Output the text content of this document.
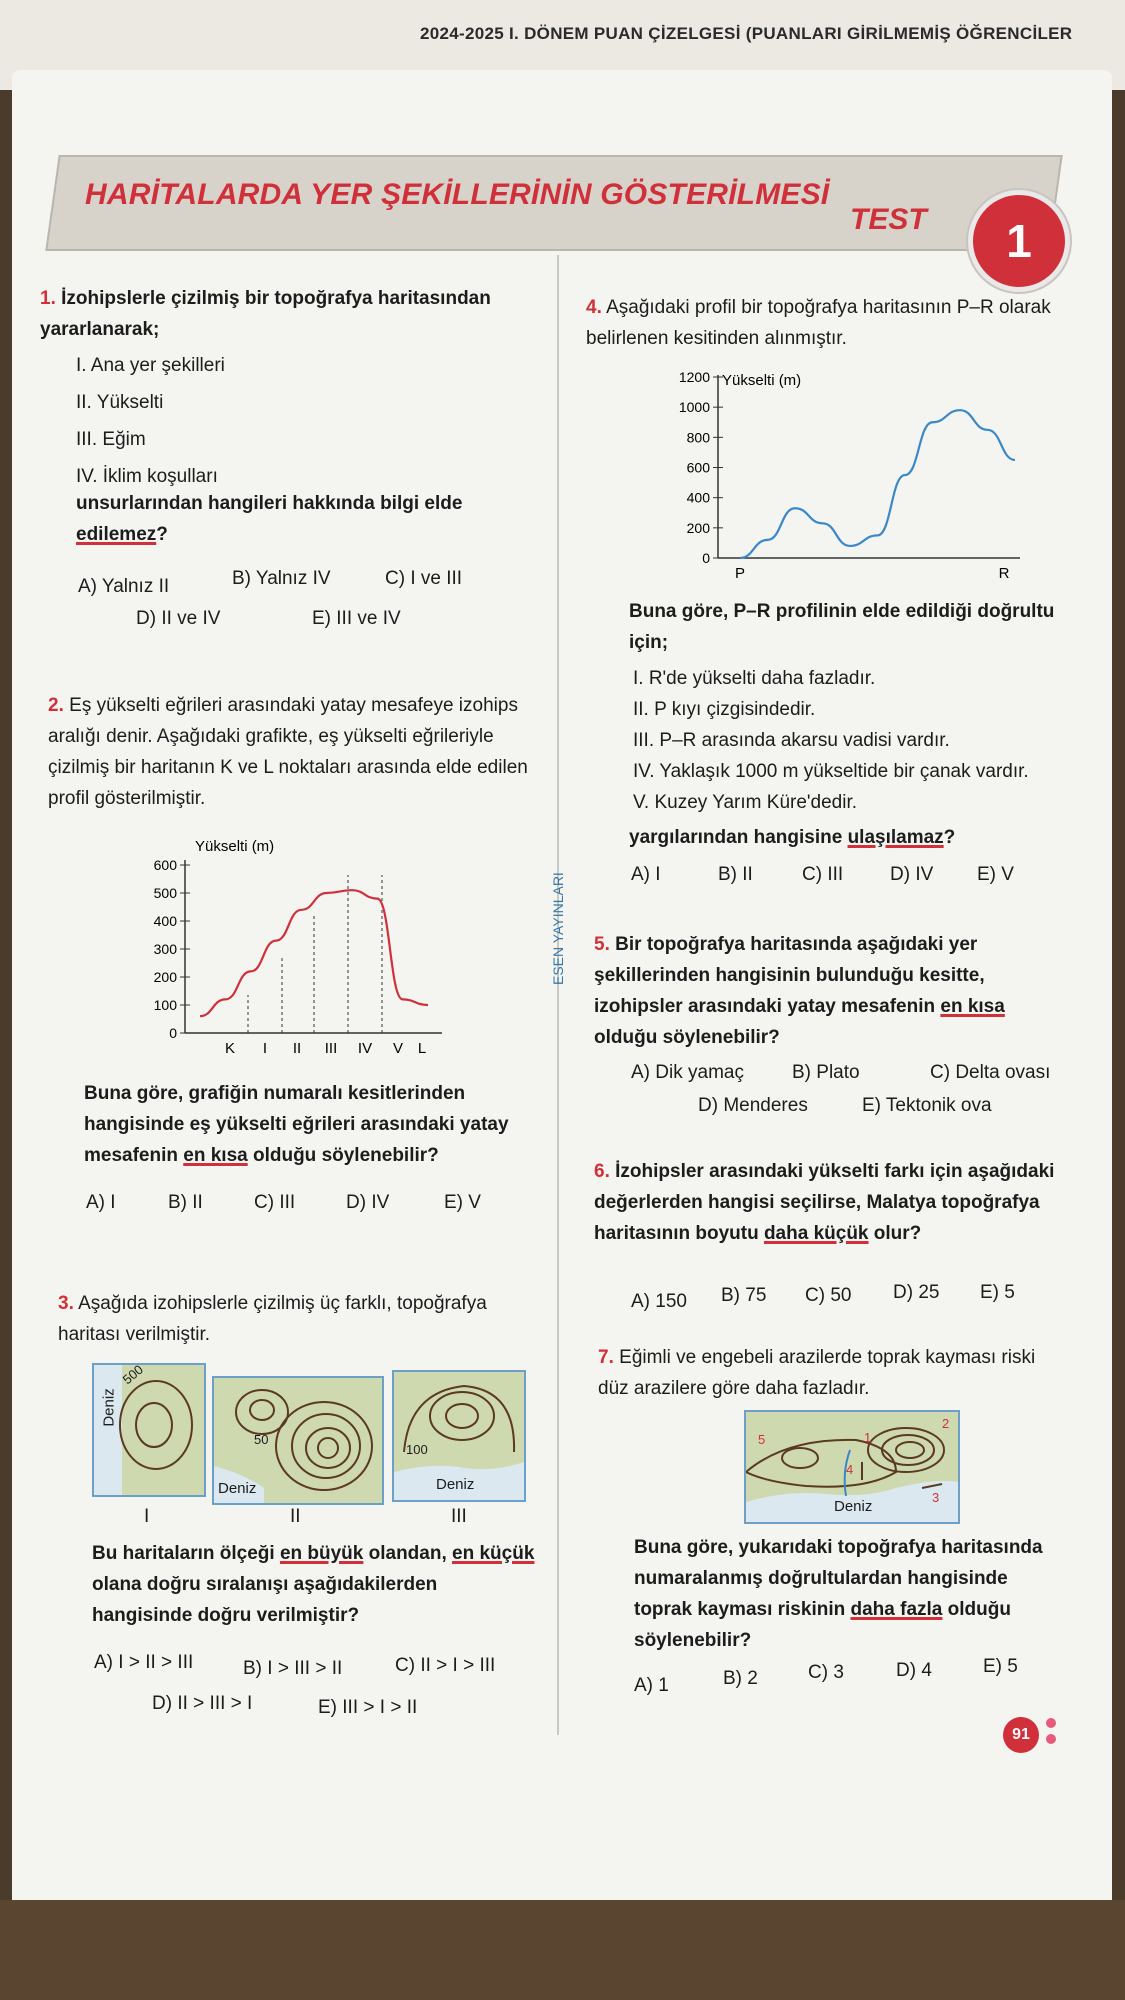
2024-2025 I. DÖNEM PUAN ÇİZELGESİ (PUANLARI GİRİLMEMİŞ ÖĞRENCİLER
HARİTALARDA YER ŞEKİLLERİNİN GÖSTERİLMESİ
TEST	1
ESEN YAYINLARI
1. İzohipslerle çizilmiş bir topoğrafya haritasından yararlanarak;
I. Ana yer şekilleri
II. Yükselti
III. Eğim
IV. İklim koşulları
unsurlarından hangileri hakkında bilgi elde edilemez?
A) Yalnız II	B) Yalnız IV	C) I ve III
D) II ve IV	E) III ve IV
2. Eş yükselti eğrileri arasındaki yatay mesafeye izohips aralığı denir. Aşağıdaki grafikte, eş yükselti eğrileriyle çizilmiş bir haritanın K ve L noktaları arasında elde edilen profil gösterilmiştir.
Yükselti (m)
0
100
200
300
400
500
600
K I II III IV V L
Buna göre, grafiğin numaralı kesitlerinden hangisinde eş yükselti eğrileri arasındaki yatay mesafenin en kısa olduğu söylenebilir?
A) I	B) II	C) III	D) IV	E) V
3. Aşağıda izohipslerle çizilmiş üç farklı, topoğrafya haritası verilmiştir.
Deniz
500
I
50
Deniz
II
100
Deniz
III
Bu haritaların ölçeği en büyük olandan, en küçük olana doğru sıralanışı aşağıdakilerden hangisinde doğru verilmiştir?
A) I > II > III	B) I > III > II	C) II > I > III
D) II > III > I	E) III > I > II
4. Aşağıdaki profil bir topoğrafya haritasının P–R olarak belirlenen kesitinden alınmıştır.
Yükselti (m)
0
200
400
600
800
1000
1200
P	R
Buna göre, P–R profilinin elde edildiği doğrultu için;
I. R'de yükselti daha fazladır.
II. P kıyı çizgisindedir.
III. P–R arasında akarsu vadisi vardır.
IV. Yaklaşık 1000 m yükseltide bir çanak vardır.
V. Kuzey Yarım Küre'dedir.
yargılarından hangisine ulaşılamaz?
A) I	B) II	C) III D) IV E) V
5. Bir topoğrafya haritasında aşağıdaki yer şekillerinden hangisinin bulunduğu kesitte, izohipsler arasındaki yatay mesafenin en kısa olduğu söylenebilir?
A) Dik yamaç	B) Plato	C) Delta ovası
D) Menderes	E) Tektonik ova
6. İzohipsler arasındaki yükselti farkı için aşağıdaki değerlerden hangisi seçilirse, Malatya topoğrafya haritasının boyutu daha küçük olur?
A) 150 B) 75 C) 50 D) 25 E) 5
7. Eğimli ve engebeli arazilerde toprak kayması riski düz arazilere göre daha fazladır.
5
4
1
2
3
Deniz
Buna göre, yukarıdaki topoğrafya haritasında numaralanmış doğrultulardan hangisinde toprak kayması riskinin daha fazla olduğu söylenebilir?
A) 1	B) 2	C) 3	D) 4	E) 5
91
